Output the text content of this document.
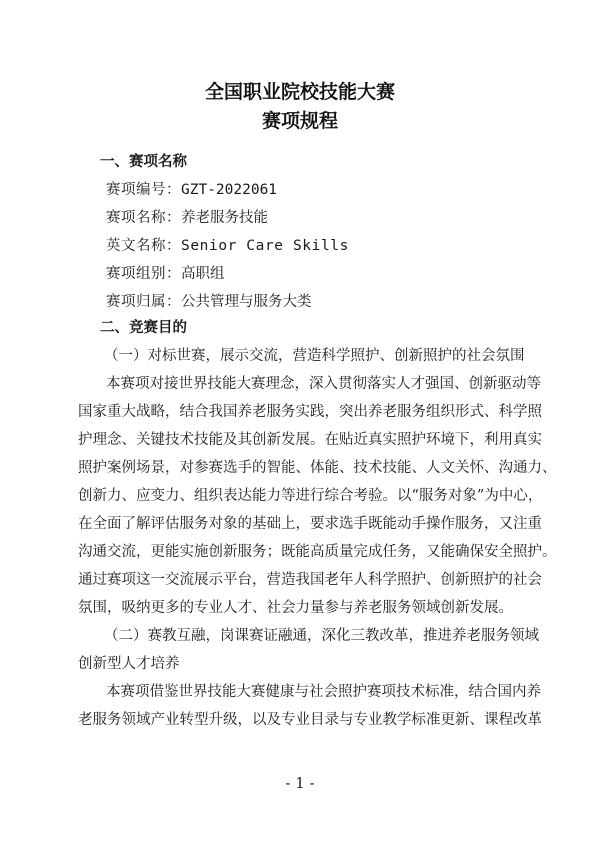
全国职业院校技能大赛
赛项规程

一、赛项名称

赛项编号：GZT-2022061

赛项名称：养老服务技能

英文名称：Senior Care Skills

赛项组别：高职组

赛项归属：公共管理与服务大类

二、竞赛目的

（一）对标世赛，展示交流，营造科学照护、创新照护的社会氛围

本赛项对接世界技能大赛理念，深入贯彻落实人才强国、创新驱动等

国家重大战略，结合我国养老服务实践，突出养老服务组织形式、科学照

护理念、关键技术技能及其创新发展。在贴近真实照护环境下，利用真实

照护案例场景，对参赛选手的智能、体能、技术技能、人文关怀、沟通力、

创新力、应变力、组织表达能力等进行综合考验。以“服务对象”为中心，

在全面了解评估服务对象的基础上，要求选手既能动手操作服务，又注重

沟通交流，更能实施创新服务；既能高质量完成任务，又能确保安全照护。

通过赛项这一交流展示平台，营造我国老年人科学照护、创新照护的社会

氛围，吸纳更多的专业人才、社会力量参与养老服务领域创新发展。

（二）赛教互融，岗课赛证融通，深化三教改革，推进养老服务领域

创新型人才培养

本赛项借鉴世界技能大赛健康与社会照护赛项技术标准，结合国内养

老服务领域产业转型升级，以及专业目录与专业教学标准更新、课程改革

- 1 -
